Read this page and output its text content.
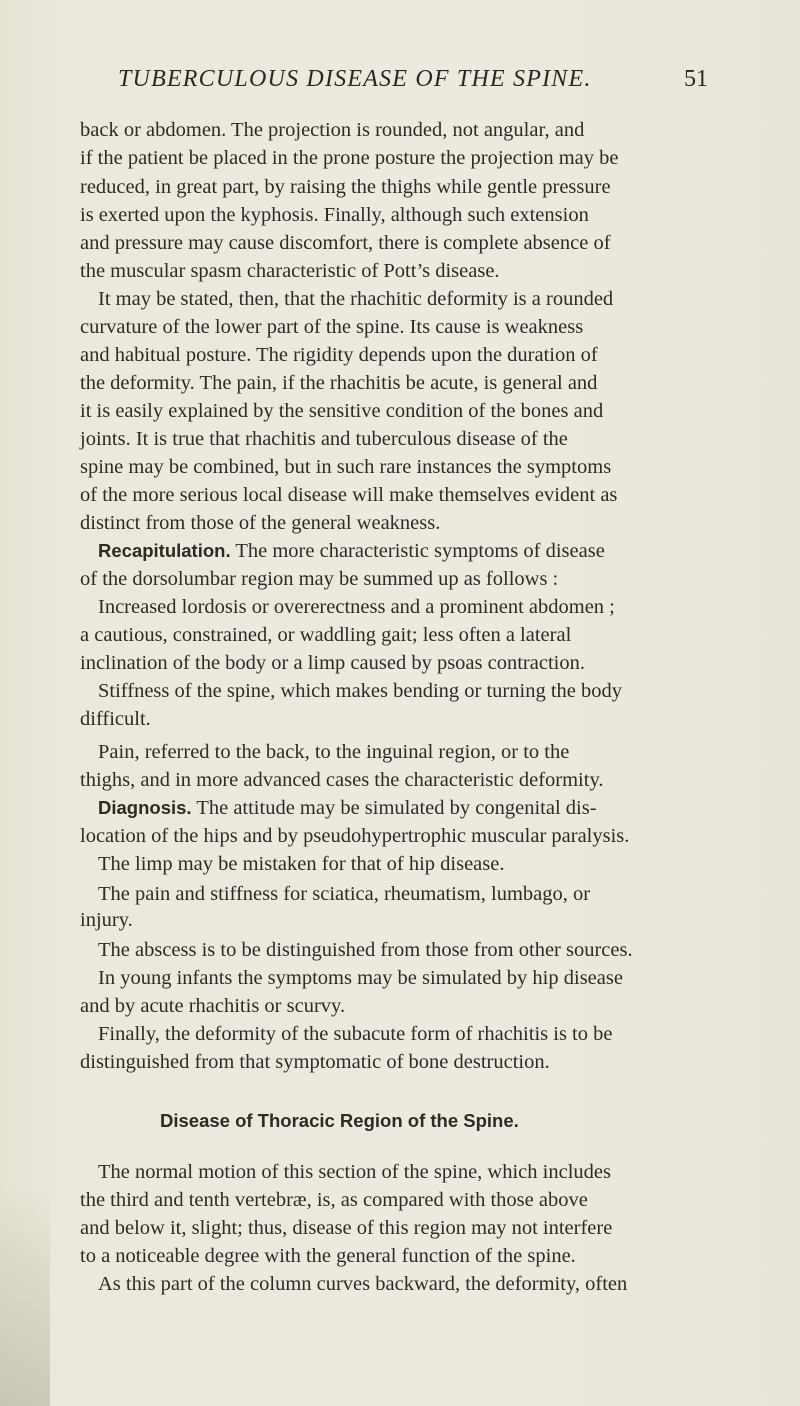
TUBERCULOUS DISEASE OF THE SPINE.	51
back or abdomen. The projection is rounded, not angular, and
if the patient be placed in the prone posture the projection may be
reduced, in great part, by raising the thighs while gentle pressure
is exerted upon the kyphosis. Finally, although such extension
and pressure may cause discomfort, there is complete absence of
the muscular spasm characteristic of Pott’s disease.
It may be stated, then, that the rhachitic deformity is a rounded
curvature of the lower part of the spine. Its cause is weakness
and habitual posture. The rigidity depends upon the duration of
the deformity. The pain, if the rhachitis be acute, is general and
it is easily explained by the sensitive condition of the bones and
joints. It is true that rhachitis and tuberculous disease of the
spine may be combined, but in such rare instances the symptoms
of the more serious local disease will make themselves evident as
distinct from those of the general weakness.
Recapitulation. The more characteristic symptoms of disease
of the dorsolumbar region may be summed up as follows :
Increased lordosis or overerectness and a prominent abdomen ;
a cautious, constrained, or waddling gait; less often a lateral
inclination of the body or a limp caused by psoas contraction.
Stiffness of the spine, which makes bending or turning the body
difficult.
Pain, referred to the back, to the inguinal region, or to the
thighs, and in more advanced cases the characteristic deformity.
Diagnosis. The attitude may be simulated by congenital dis-
location of the hips and by pseudohypertrophic muscular paralysis.
The limp may be mistaken for that of hip disease.
The pain and stiffness for sciatica, rheumatism, lumbago, or
injury.
The abscess is to be distinguished from those from other sources.
In young infants the symptoms may be simulated by hip disease
and by acute rhachitis or scurvy.
Finally, the deformity of the subacute form of rhachitis is to be
distinguished from that symptomatic of bone destruction.
Disease of Thoracic Region of the Spine.
The normal motion of this section of the spine, which includes
the third and tenth vertebræ, is, as compared with those above
and below it, slight; thus, disease of this region may not interfere
to a noticeable degree with the general function of the spine.
As this part of the column curves backward, the deformity, often
